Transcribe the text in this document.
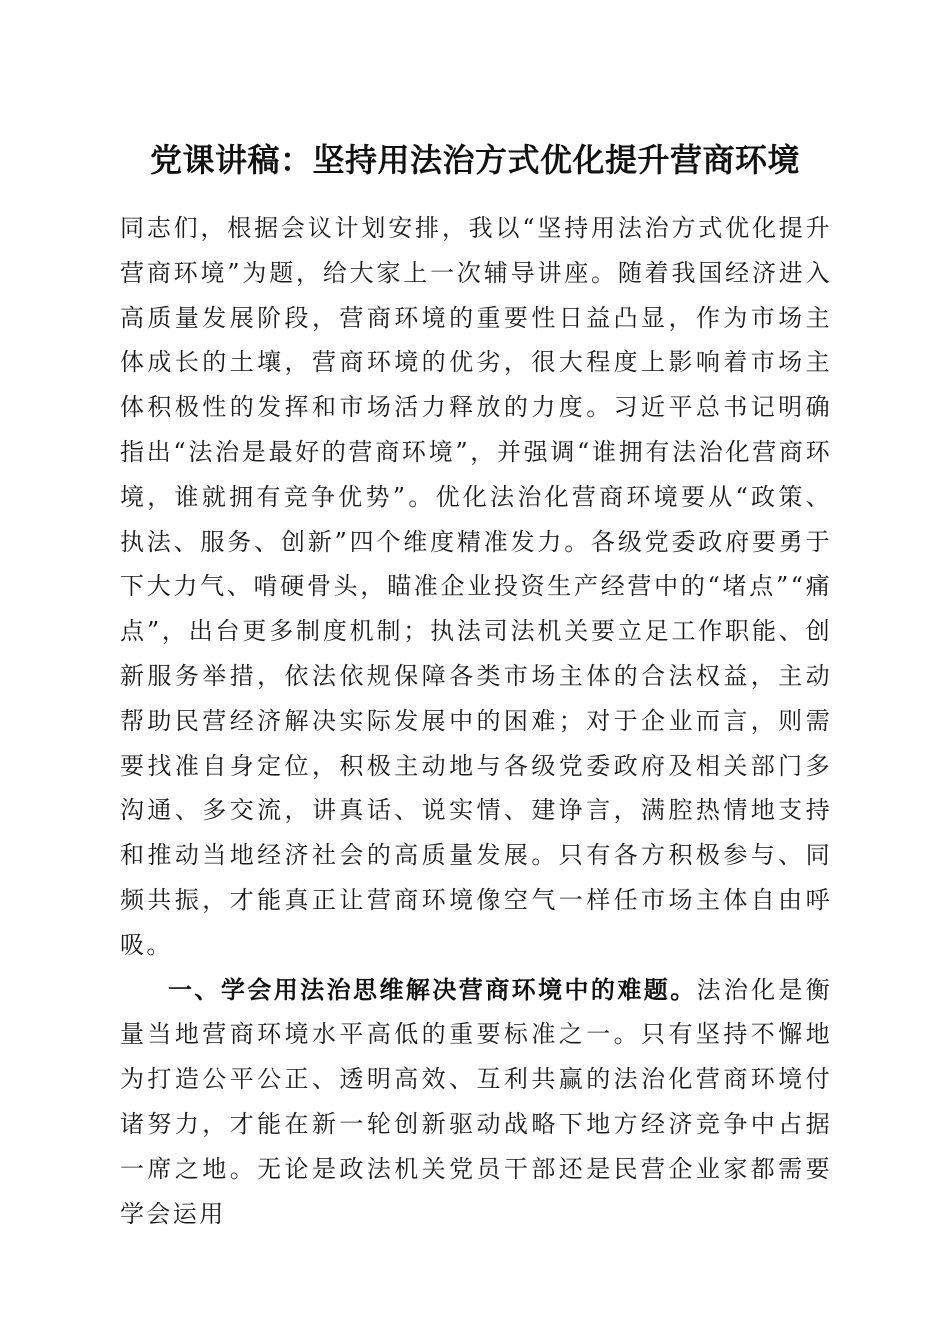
党课讲稿：坚持用法治方式优化提升营商环境

同志们，根据会议计划安排，我以“坚持用法治方式优化提升营商环境”为题，给大家上一次辅导讲座。随着我国经济进入高质量发展阶段，营商环境的重要性日益凸显，作为市场主体成长的土壤，营商环境的优劣，很大程度上影响着市场主体积极性的发挥和市场活力释放的力度。习近平总书记明确指出“法治是最好的营商环境”，并强调“谁拥有法治化营商环境，谁就拥有竞争优势”。优化法治化营商环境要从“政策、执法、服务、创新”四个维度精准发力。各级党委政府要勇于下大力气、啃硬骨头，瞄准企业投资生产经营中的“堵点”“痛点”，出台更多制度机制；执法司法机关要立足工作职能、创新服务举措，依法依规保障各类市场主体的合法权益，主动帮助民营经济解决实际发展中的困难；对于企业而言，则需要找准自身定位，积极主动地与各级党委政府及相关部门多沟通、多交流，讲真话、说实情、建诤言，满腔热情地支持和推动当地经济社会的高质量发展。只有各方积极参与、同频共振，才能真正让营商环境像空气一样任市场主体自由呼吸。

一、学会用法治思维解决营商环境中的难题。法治化是衡量当地营商环境水平高低的重要标准之一。只有坚持不懈地为打造公平公正、透明高效、互利共赢的法治化营商环境付诸努力，才能在新一轮创新驱动战略下地方经济竞争中占据一席之地。无论是政法机关党员干部还是民营企业家都需要学会运用
